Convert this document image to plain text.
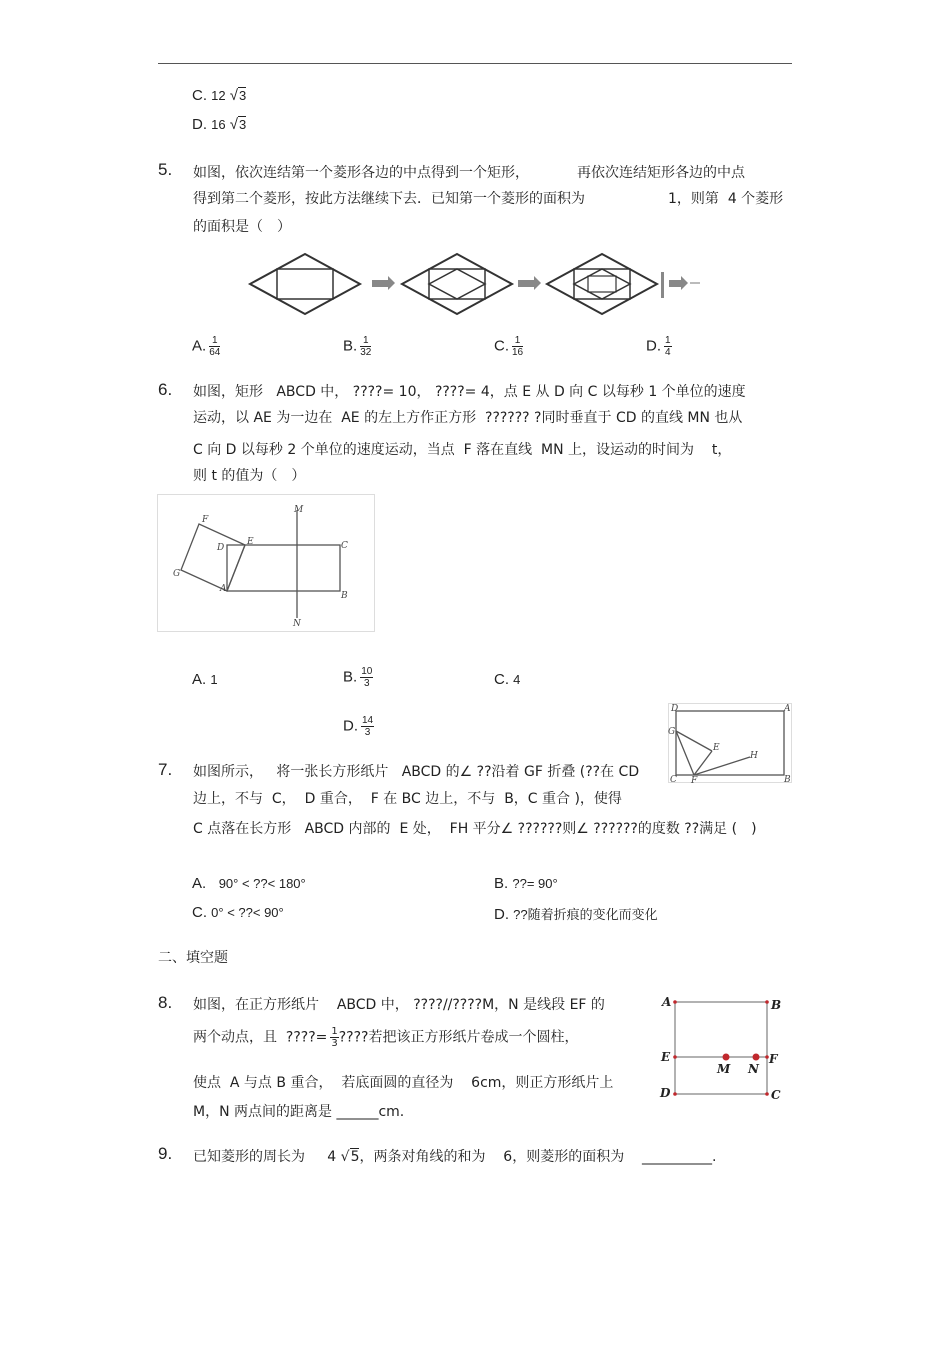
C. 12 √3
D. 16 √3
5. 如图，依次连结第一个菱形各边的中点得到一个矩形，	再依次连结矩形各边的中点
得到第二个菱形，按此方法继续下去．已知第一个菱形的面积为	1，则第 4 个菱形
的面积是（　）
A. $\frac{1}{64}$	B. $\frac{1}{32}$	C. $\frac{1}{16}$	D. $\frac{1}{4}$
6. 如图，矩形 ABCD 中， ????= 10， ????= 4，点 E 从 D 向 C 以每秒 1 个单位的速度
运动，以 AE 为一边在 AE 的左上方作正方形 ?????? ?同时垂直于 CD 的直线 MN 也从
C 向 D 以每秒 2 个单位的速度运动，当点 F 落在直线 MN 上，设运动的时间为 t，
则 t 的值为（　）
F
D
E
M
C
G
A
B
N
A. 1	B. $\frac{10}{3}$	C. 4
D. $\frac{14}{3}$
D	A
G
E
H
C F	B
7. 如图所示， 将一张长方形纸片 ABCD 的∠ ??沿着 GF 折叠 (??在 CD
边上，不与 C， D 重合， F 在 BC 边上，不与 B，C 重合 )，使得
C 点落在长方形 ABCD 内部的 E 处， FH 平分∠ ??????则∠ ??????的度数 ??满足 (　)
A. 90° < ??< 180°	B. ??= 90°
C. 0° < ??< 90°	D. ??随着折痕的变化而变化
二、填空题
8. 如图，在正方形纸片 ABCD 中， ????//????M，N 是线段 EF 的
两个动点，且 ????= $\frac{1}{3}$ ????若把该正方形纸片卷成一个圆柱，
使点 A 与点 B 重合， 若底面圆的直径为 6cm，则正方形纸片上
M，N 两点间的距离是 ______cm.
A	B
E	F
M N
D	C
9. 已知菱形的周长为 4 √5，两条对角线的和为 6，则菱形的面积为 __________.
